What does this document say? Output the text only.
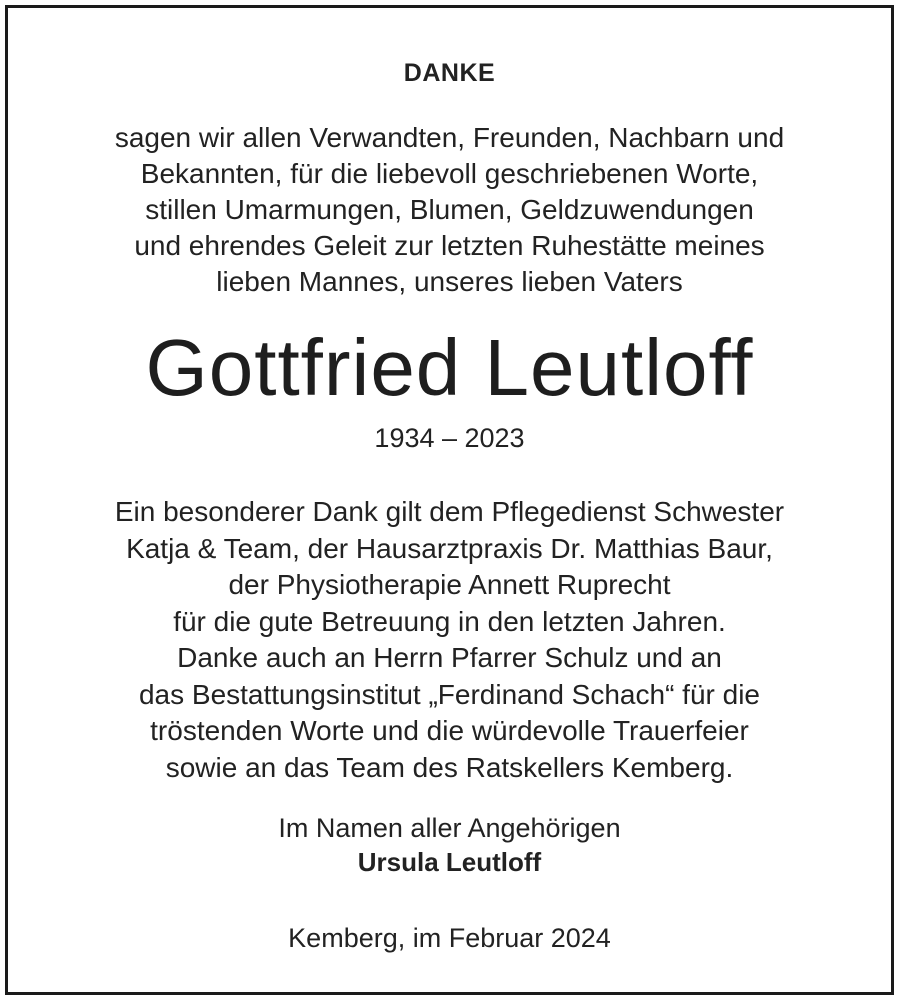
DANKE
sagen wir allen Verwandten, Freunden, Nachbarn und
Bekannten, für die liebevoll geschriebenen Worte,
stillen Umarmungen, Blumen, Geldzuwendungen
und ehrendes Geleit zur letzten Ruhestätte meines
lieben Mannes, unseres lieben Vaters
Gottfried Leutloff
1934 – 2023
Ein besonderer Dank gilt dem Pflegedienst Schwester
Katja & Team, der Hausarztpraxis Dr. Matthias Baur,
der Physiotherapie Annett Ruprecht
für die gute Betreuung in den letzten Jahren.
Danke auch an Herrn Pfarrer Schulz und an
das Bestattungsinstitut „Ferdinand Schach“ für die
tröstenden Worte und die würdevolle Trauerfeier
sowie an das Team des Ratskellers Kemberg.
Im Namen aller Angehörigen
Ursula Leutloff
Kemberg, im Februar 2024
